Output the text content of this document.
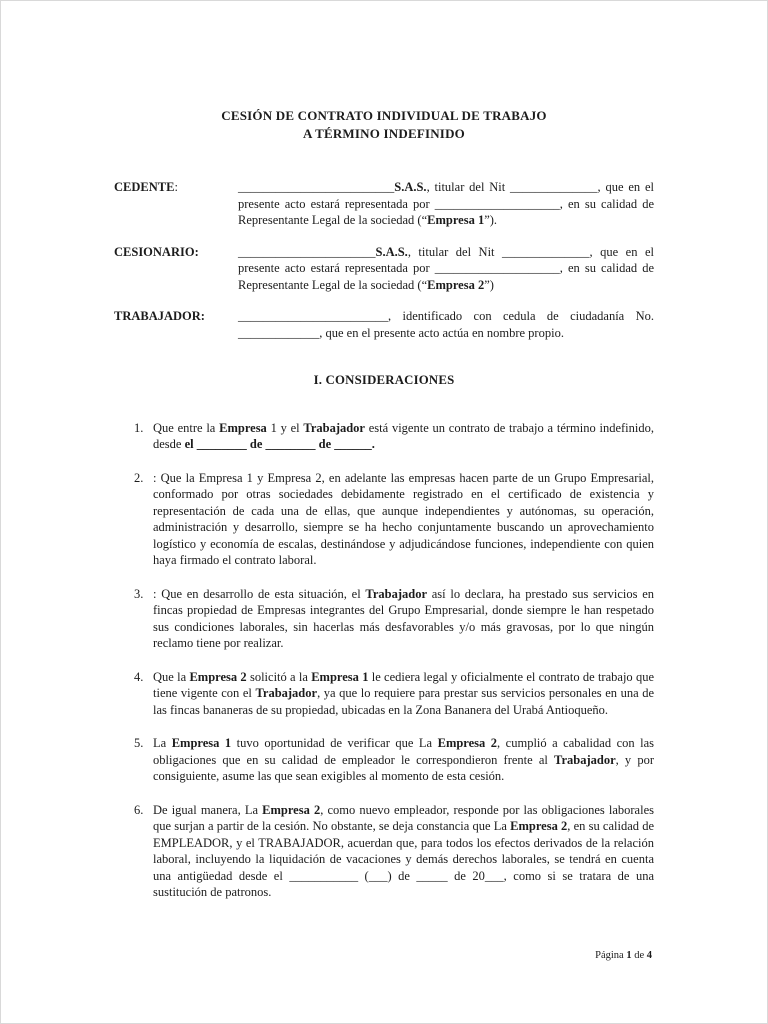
CESIÓN DE CONTRATO INDIVIDUAL DE TRABAJO
A TÉRMINO INDEFINIDO
CEDENTE:	_________________________S.A.S., titular del Nit ______________, que en el presente acto estará representada por ____________________, en su calidad de Representante Legal de la sociedad (“Empresa 1”).
CESIONARIO:	______________________S.A.S., titular del Nit ______________, que en el presente acto estará representada por ____________________, en su calidad de Representante Legal de la sociedad (“Empresa 2”)
TRABAJADOR:	________________________, identificado con cedula de ciudadanía No. _____________, que en el presente acto actúa en nombre propio.
I. CONSIDERACIONES
1. Que entre la Empresa 1 y el Trabajador está vigente un contrato de trabajo a término indefinido, desde el ________ de ________ de ______.
2. : Que la Empresa 1 y Empresa 2, en adelante las empresas hacen parte de un Grupo Empresarial, conformado por otras sociedades debidamente registrado en el certificado de existencia y representación de cada una de ellas, que aunque independientes y autónomas, su operación, administración y desarrollo, siempre se ha hecho conjuntamente buscando un aprovechamiento logístico y economía de escalas, destinándose y adjudicándose funciones, independiente con quien haya firmado el contrato laboral.
3. : Que en desarrollo de esta situación, el Trabajador así lo declara, ha prestado sus servicios en fincas propiedad de Empresas integrantes del Grupo Empresarial, donde siempre le han respetado sus condiciones laborales, sin hacerlas más desfavorables y/o más gravosas, por lo que ningún reclamo tiene por realizar.
4. Que la Empresa 2 solicitó a la Empresa 1 le cediera legal y oficialmente el contrato de trabajo que tiene vigente con el Trabajador, ya que lo requiere para prestar sus servicios personales en una de las fincas bananeras de su propiedad, ubicadas en la Zona Bananera del Urabá Antioqueño.
5. La Empresa 1 tuvo oportunidad de verificar que La Empresa 2, cumplió a cabalidad con las obligaciones que en su calidad de empleador le correspondieron frente al Trabajador, y por consiguiente, asume las que sean exigibles al momento de esta cesión.
6. De igual manera, La Empresa 2, como nuevo empleador, responde por las obligaciones laborales que surjan a partir de la cesión. No obstante, se deja constancia que La Empresa 2, en su calidad de EMPLEADOR, y el TRABAJADOR, acuerdan que, para todos los efectos derivados de la relación laboral, incluyendo la liquidación de vacaciones y demás derechos laborales, se tendrá en cuenta una antigüedad desde el ___________ (___) de _____ de 20___, como si se tratara de una sustitución de patronos.
Página 1 de 4
